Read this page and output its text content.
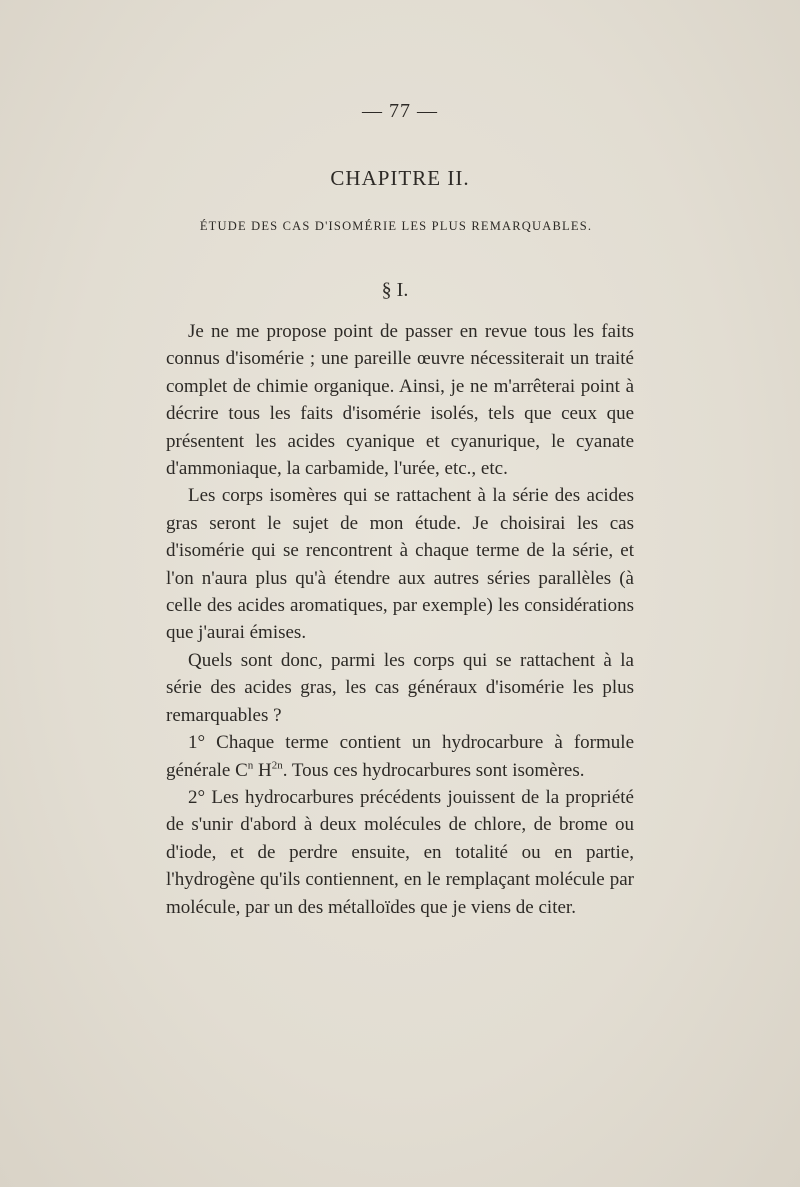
— 77 —
CHAPITRE II.
ÉTUDE DES CAS D'ISOMÉRIE LES PLUS REMARQUABLES.
§ I.

Je ne me propose point de passer en revue tous les faits connus d'isomérie ; une pareille œuvre nécessiterait un traité complet de chimie organique. Ainsi, je ne m'arrêterai point à décrire tous les faits d'isomérie isolés, tels que ceux que présentent les acides cyanique et cyanurique, le cyanate d'ammoniaque, la carbamide, l'urée, etc., etc.

Les corps isomères qui se rattachent à la série des acides gras seront le sujet de mon étude. Je choisirai les cas d'isomérie qui se rencontrent à chaque terme de la série, et l'on n'aura plus qu'à étendre aux autres séries parallèles (à celle des acides aromatiques, par exemple) les considérations que j'aurai émises.

Quels sont donc, parmi les corps qui se rattachent à la série des acides gras, les cas généraux d'isomérie les plus remarquables ?

1° Chaque terme contient un hydrocarbure à formule générale $C^n$ $H^{2n}$. Tous ces hydrocarbures sont isomères.

2° Les hydrocarbures précédents jouissent de la propriété de s'unir d'abord à deux molécules de chlore, de brome ou d'iode, et de perdre ensuite, en totalité ou en partie, l'hydrogène qu'ils contiennent, en le remplaçant molécule par molécule, par un des métalloïdes que je viens de citer.
